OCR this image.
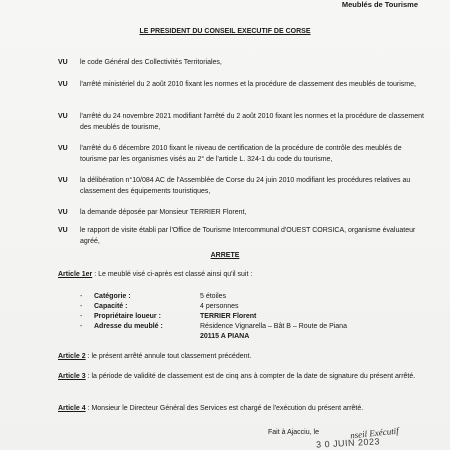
Meublés de Tourisme
LE PRESIDENT DU CONSEIL EXECUTIF DE CORSE
VU le code Général des Collectivités Territoriales,
VU l'arrêté ministériel du 2 août 2010 fixant les normes et la procédure de classement des meublés de tourisme,
VU l'arrêté du 24 novembre 2021 modifiant l'arrêté du 2 août 2010 fixant les normes et la procédure de classement des meublés de tourisme,
VU l'arrêté du 6 décembre 2010 fixant le niveau de certification de la procédure de contrôle des meublés de tourisme par les organismes visés au 2° de l'article L. 324-1 du code du tourisme,
VU la délibération n°10/084 AC de l'Assemblée de Corse du 24 juin 2010 modifiant les procédures relatives au classement des équipements touristiques,
VU la demande déposée par Monsieur TERRIER Florent,
VU le rapport de visite établi par l'Office de Tourisme Intercommunal d'OUEST CORSICA, organisme évaluateur agréé,
ARRETE
Article 1er : Le meublé visé ci-après est classé ainsi qu'il suit :
- Catégorie :	5 étoiles
- Capacité :	4 personnes
- Propriétaire loueur :	TERRIER Florent
- Adresse du meublé :	Résidence Vignarella – Bât B – Route de Piana
20115 A PIANA
Article 2 : le présent arrêté annule tout classement précédent.
Article 3 : la période de validité de classement est de cinq ans à compter de la date de signature du présent arrêté.
Article 4 : Monsieur le Directeur Général des Services est chargé de l'exécution du présent arrêté.
Fait à Ajacciu, le
3 0 JUIN 2023
nseil Exécutif
